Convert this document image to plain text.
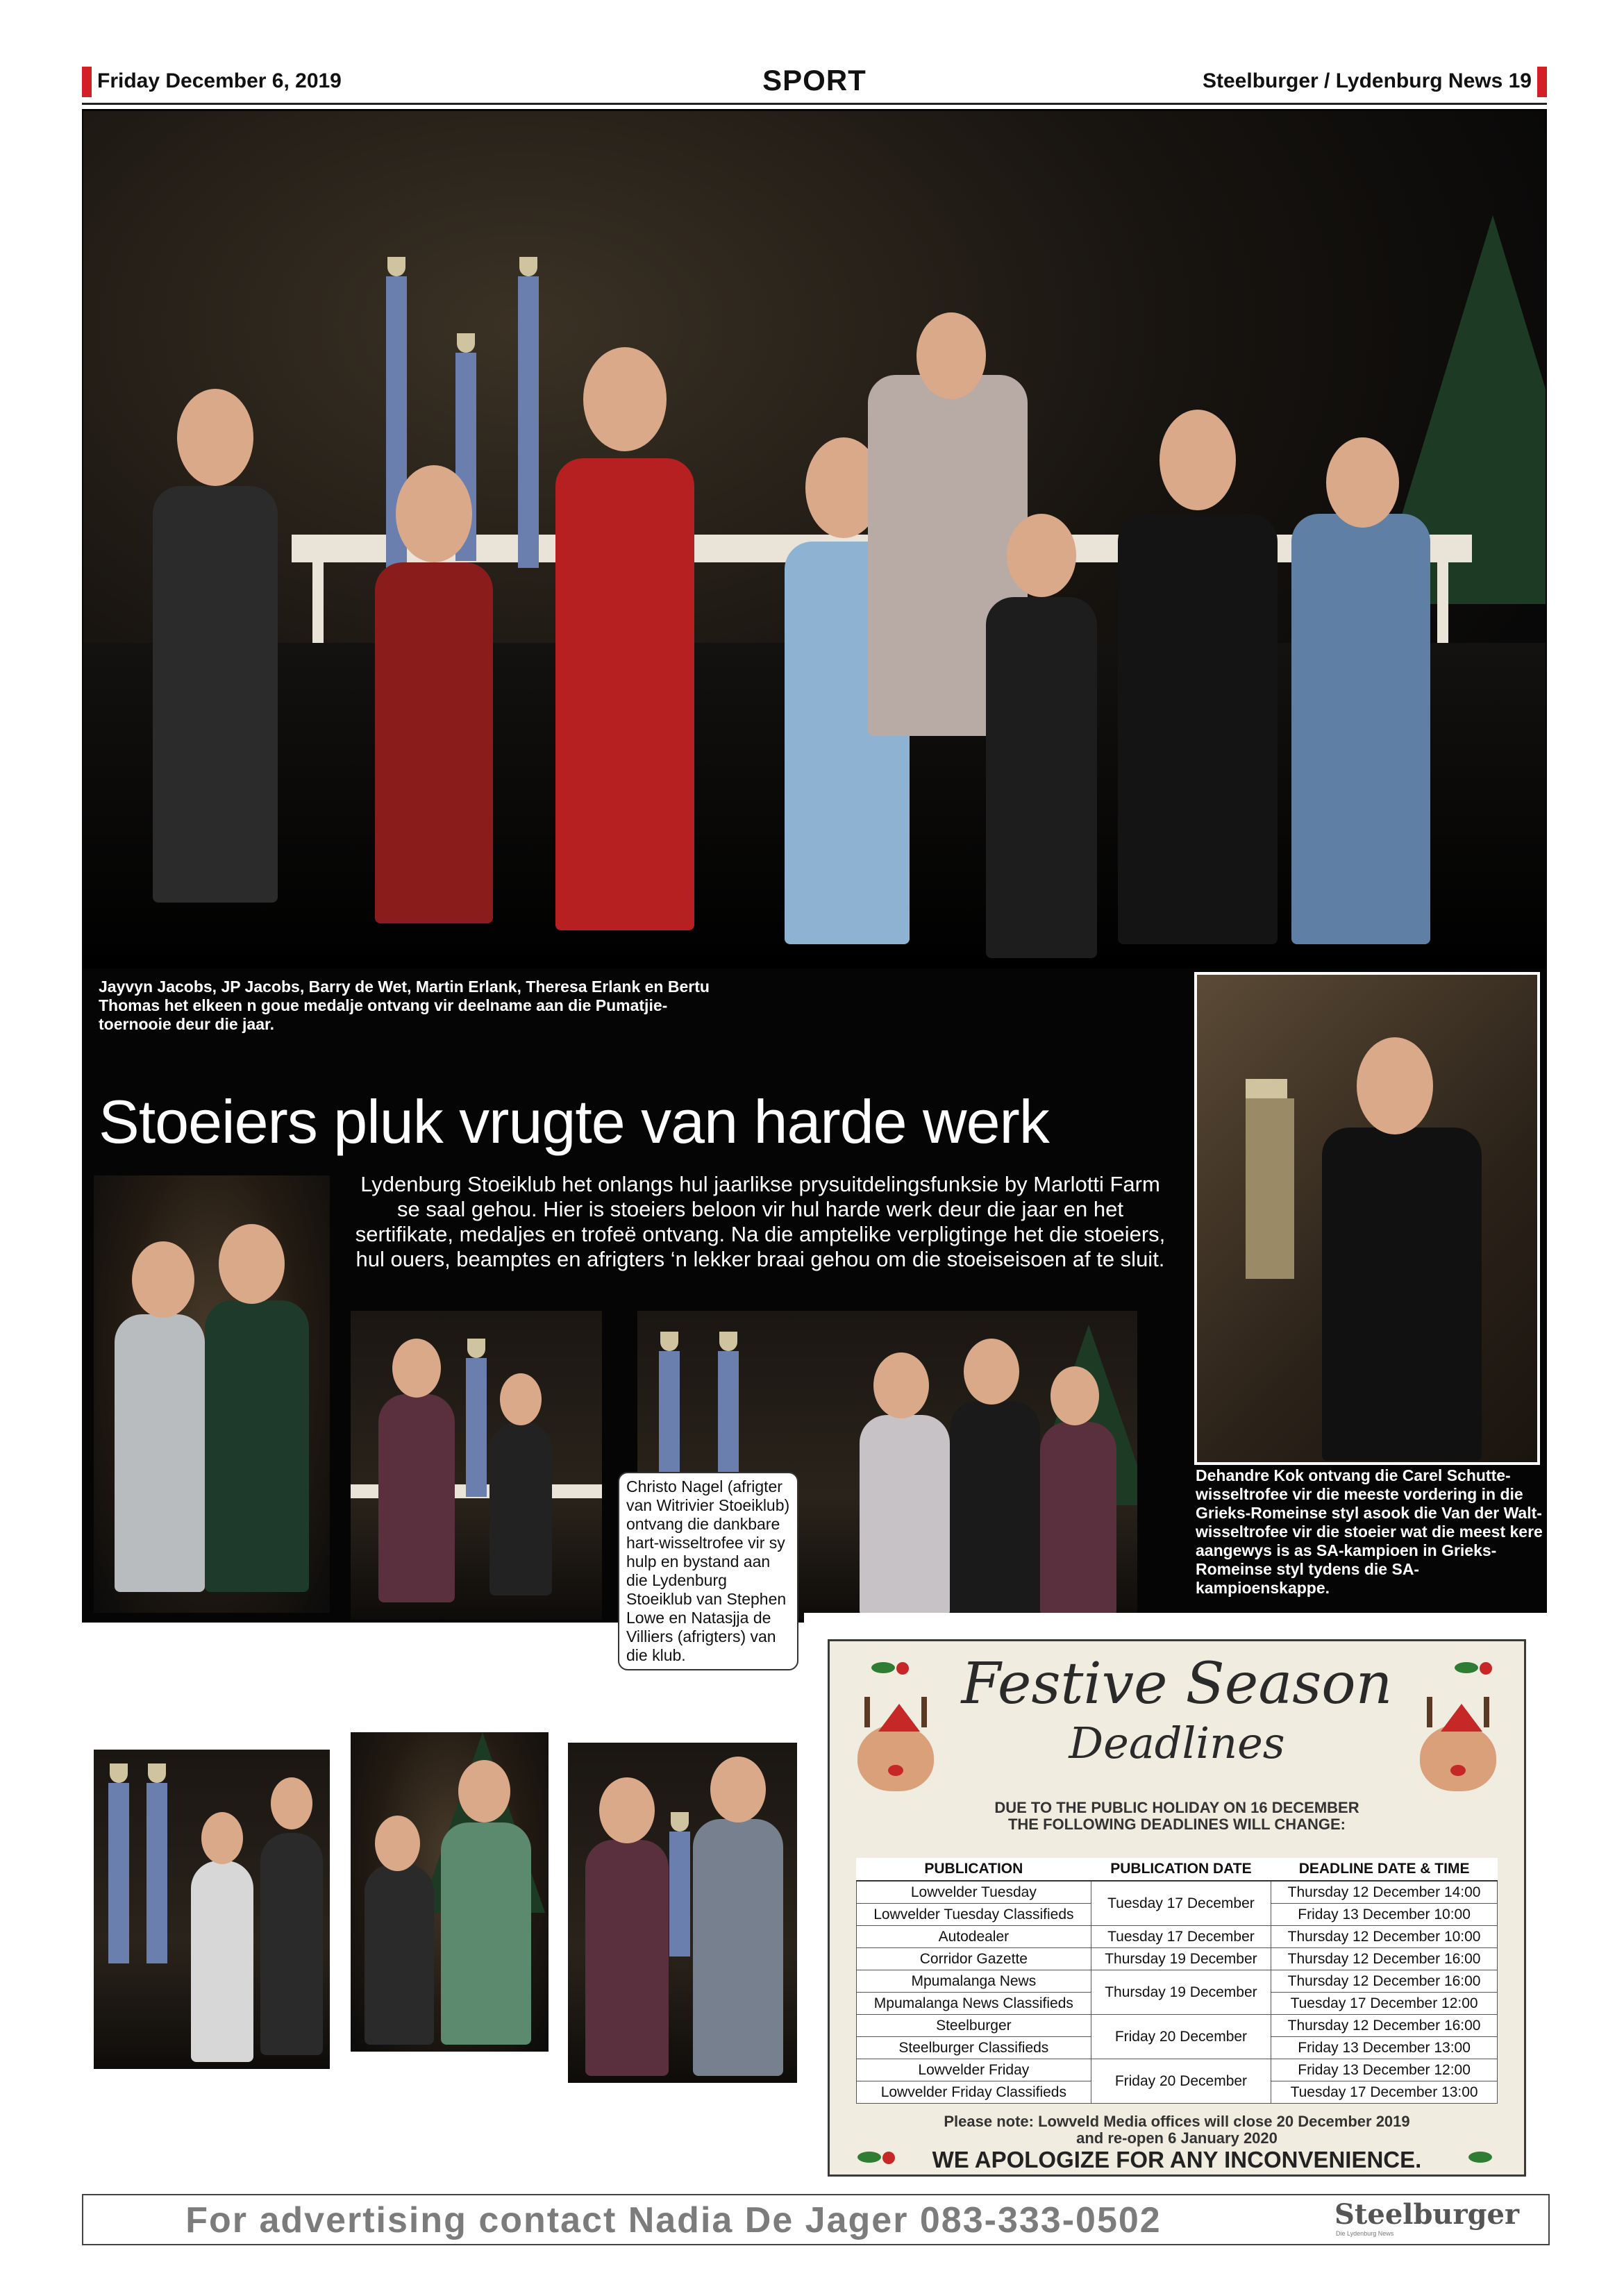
Friday December 6, 2019	SPORT	Steelburger / Lydenburg News 19
Jayvyn Jacobs, JP Jacobs, Barry de Wet, Martin Erlank, Theresa Erlank en Bertu Thomas het elkeen n goue medalje ontvang vir deelname aan die Pumatjie-toernooie deur die jaar.
Dehandre Kok ontvang die Carel Schutte-wisseltrofee vir die meeste vordering in die Grieks-Romeinse styl asook die Van der Walt-wisseltrofee vir die stoeier wat die meest kere aangewys is as SA-kampioen in Grieks-Romeinse styl tydens die SA-kampioenskappe.
Stoeiers pluk vrugte van harde werk
Lydenburg Stoeiklub het onlangs hul jaarlikse prysuitdelingsfunksie by Marlotti Farm se saal gehou. Hier is stoeiers beloon vir hul harde werk deur die jaar en het sertifikate, medaljes en trofeë ontvang. Na die amptelike verpligtinge het die stoeiers, hul ouers, beamptes en afrigters ‘n lekker braai gehou om die stoeiseisoen af te sluit.
Sebastiaan Green en SJ Smuts het elkeen ‘n medalje ontvang vir betrokkenheid by die jong stoeiers (van twee tot vyf jaar).
Natasjja de Villiers oorhandig die SUPERSPAR-wisseltrofee aan Theresa Erlank vir sportstêr van die jaar 2019.
Christo Nagel (afrigter van Witrivier Stoeiklub) ontvang die dankbare hart-wisseltrofee vir sy hulp en bystand aan die Lydenburg Stoeiklub van Stephen Lowe en Natasjja de Villiers (afrigters) van die klub.
Siobhan Labuschagne oorhandig aan Rovuan van Zijl die koersvas-wisseltrofee vir die meeste stoeideelname deur die jaar.
Martin Erlank ontvang die William Henderson-wisseltrofee vir die beste Pumatjie-stoeier vir 2019.
Natasjja de Villiers ontvang die koersvasbeampte van die jaar se wisseltrofee van Riaan van Zijl.
Festive Season
Deadlines
DUE TO THE PUBLIC HOLIDAY ON 16 DECEMBER
THE FOLLOWING DEADLINES WILL CHANGE:
PUBLICATION	PUBLICATION DATE	DEADLINE DATE & TIME
Lowvelder Tuesday	Tuesday 17 December	Thursday 12 December 14:00
Lowvelder Tuesday Classifieds		Friday 13 December 10:00
Autodealer	Tuesday 17 December	Thursday 12 December 10:00
Corridor Gazette	Thursday 19 December	Thursday 12 December 16:00
Mpumalanga News	Thursday 19 December	Thursday 12 December 16:00
Mpumalanga News Classifieds		Tuesday 17 December 12:00
Steelburger	Friday 20 December	Thursday 12 December 16:00
Steelburger Classifieds		Friday 13 December 13:00
Lowvelder Friday	Friday 20 December	Friday 13 December 12:00
Lowvelder Friday Classifieds		Tuesday 17 December 13:00
Please note: Lowveld Media offices will close 20 December 2019
and re-open 6 January 2020
WE APOLOGIZE FOR ANY INCONVENIENCE.
For advertising contact Nadia De Jager 083-333-0502	Steelburger
Die Lydenburg News
